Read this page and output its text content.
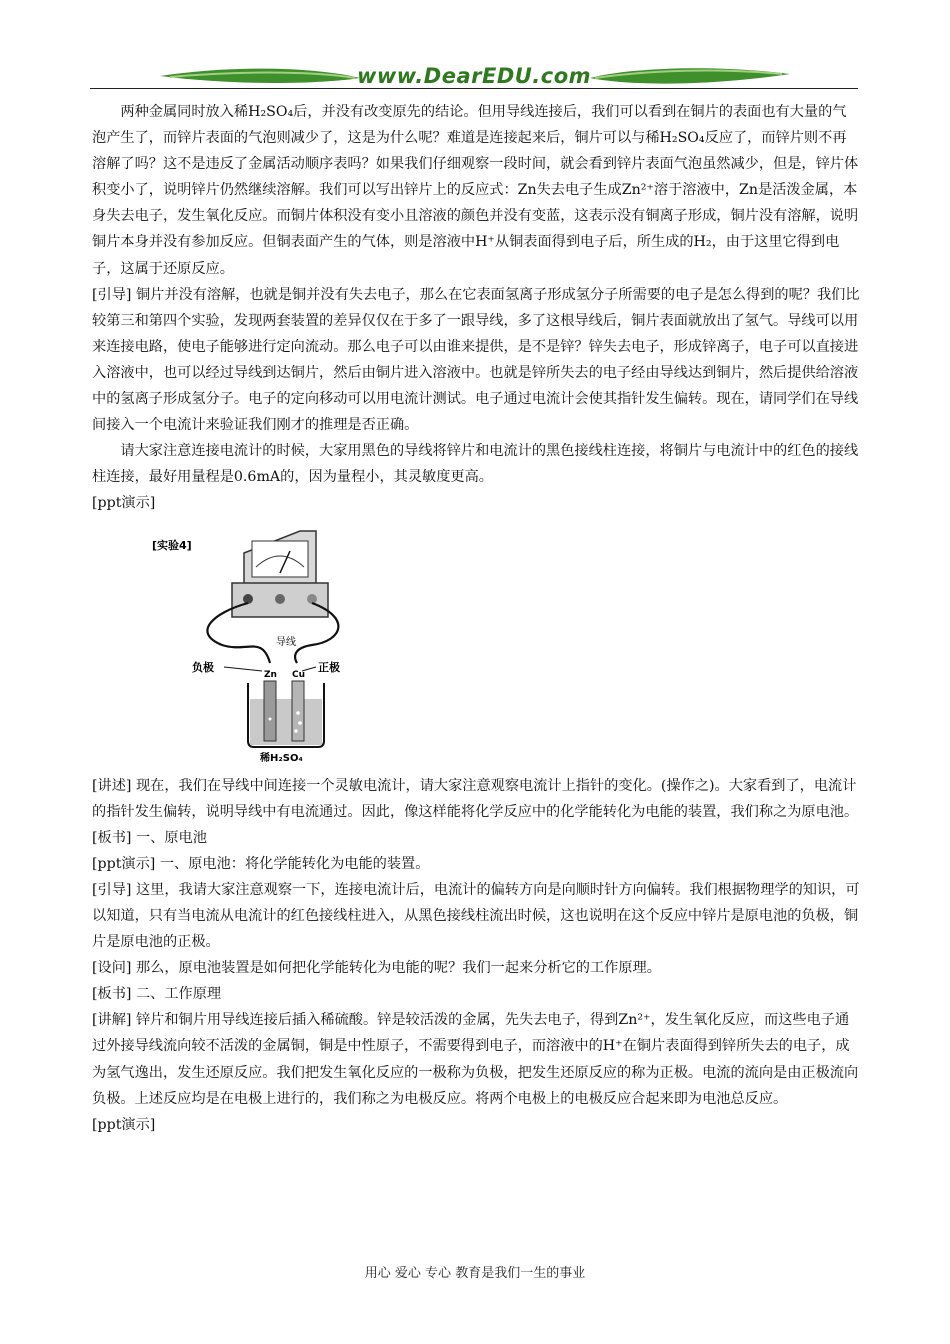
www.DearEDU.com

两种金属同时放入稀H₂SO₄后，并没有改变原先的结论。但用导线连接后，我们可以看到在铜片的表面也有大量的气泡产生了，而锌片表面的气泡则减少了，这是为什么呢？难道是连接起来后，铜片可以与稀H₂SO₄反应了，而锌片则不再溶解了吗？这不是违反了金属活动顺序表吗？如果我们仔细观察一段时间，就会看到锌片表面气泡虽然减少，但是，锌片体积变小了，说明锌片仍然继续溶解。我们可以写出锌片上的反应式：Zn失去电子生成Zn²⁺溶于溶液中，Zn是活泼金属，本身失去电子，发生氧化反应。而铜片体积没有变小且溶液的颜色并没有变蓝，这表示没有铜离子形成，铜片没有溶解，说明铜片本身并没有参加反应。但铜表面产生的气体，则是溶液中H⁺从铜表面得到电子后，所生成的H₂，由于这里它得到电子，这属于还原反应。

[引导] 铜片并没有溶解，也就是铜并没有失去电子，那么在它表面氢离子形成氢分子所需要的电子是怎么得到的呢？我们比较第三和第四个实验，发现两套装置的差异仅仅在于多了一跟导线，多了这根导线后，铜片表面就放出了氢气。导线可以用来连接电路，使电子能够进行定向流动。那么电子可以由谁来提供，是不是锌？锌失去电子，形成锌离子，电子可以直接进入溶液中，也可以经过导线到达铜片，然后由铜片进入溶液中。也就是锌所失去的电子经由导线达到铜片，然后提供给溶液中的氢离子形成氢分子。电子的定向移动可以用电流计测试。电子通过电流计会使其指针发生偏转。现在，请同学们在导线间接入一个电流计来验证我们刚才的推理是否正确。

请大家注意连接电流计的时候，大家用黑色的导线将锌片和电流计的黑色接线柱连接，将铜片与电流计中的红色的接线柱连接，最好用量程是0.6mA的，因为量程小，其灵敏度更高。

[ppt演示]

[实验4]
导线
负极	正极
Zn Cu
稀H₂SO₄

[讲述] 现在，我们在导线中间连接一个灵敏电流计，请大家注意观察电流计上指针的变化。(操作之)。大家看到了，电流计的指针发生偏转，说明导线中有电流通过。因此，像这样能将化学反应中的化学能转化为电能的装置，我们称之为原电池。

[板书] 一、原电池

[ppt演示] 一、原电池：将化学能转化为电能的装置。

[引导] 这里，我请大家注意观察一下，连接电流计后，电流计的偏转方向是向顺时针方向偏转。我们根据物理学的知识，可以知道，只有当电流从电流计的红色接线柱进入，从黑色接线柱流出时候，这也说明在这个反应中锌片是原电池的负极，铜片是原电池的正极。

[设问] 那么，原电池装置是如何把化学能转化为电能的呢？我们一起来分析它的工作原理。

[板书] 二、工作原理

[讲解] 锌片和铜片用导线连接后插入稀硫酸。锌是较活泼的金属，先失去电子，得到Zn²⁺，发生氧化反应，而这些电子通过外接导线流向较不活泼的金属铜，铜是中性原子，不需要得到电子，而溶液中的H⁺在铜片表面得到锌所失去的电子，成为氢气逸出，发生还原反应。我们把发生氧化反应的一极称为负极，把发生还原反应的称为正极。电流的流向是由正极流向负极。上述反应均是在电极上进行的，我们称之为电极反应。将两个电极上的电极反应合起来即为电池总反应。

[ppt演示]

用心 爱心 专心 教育是我们一生的事业
